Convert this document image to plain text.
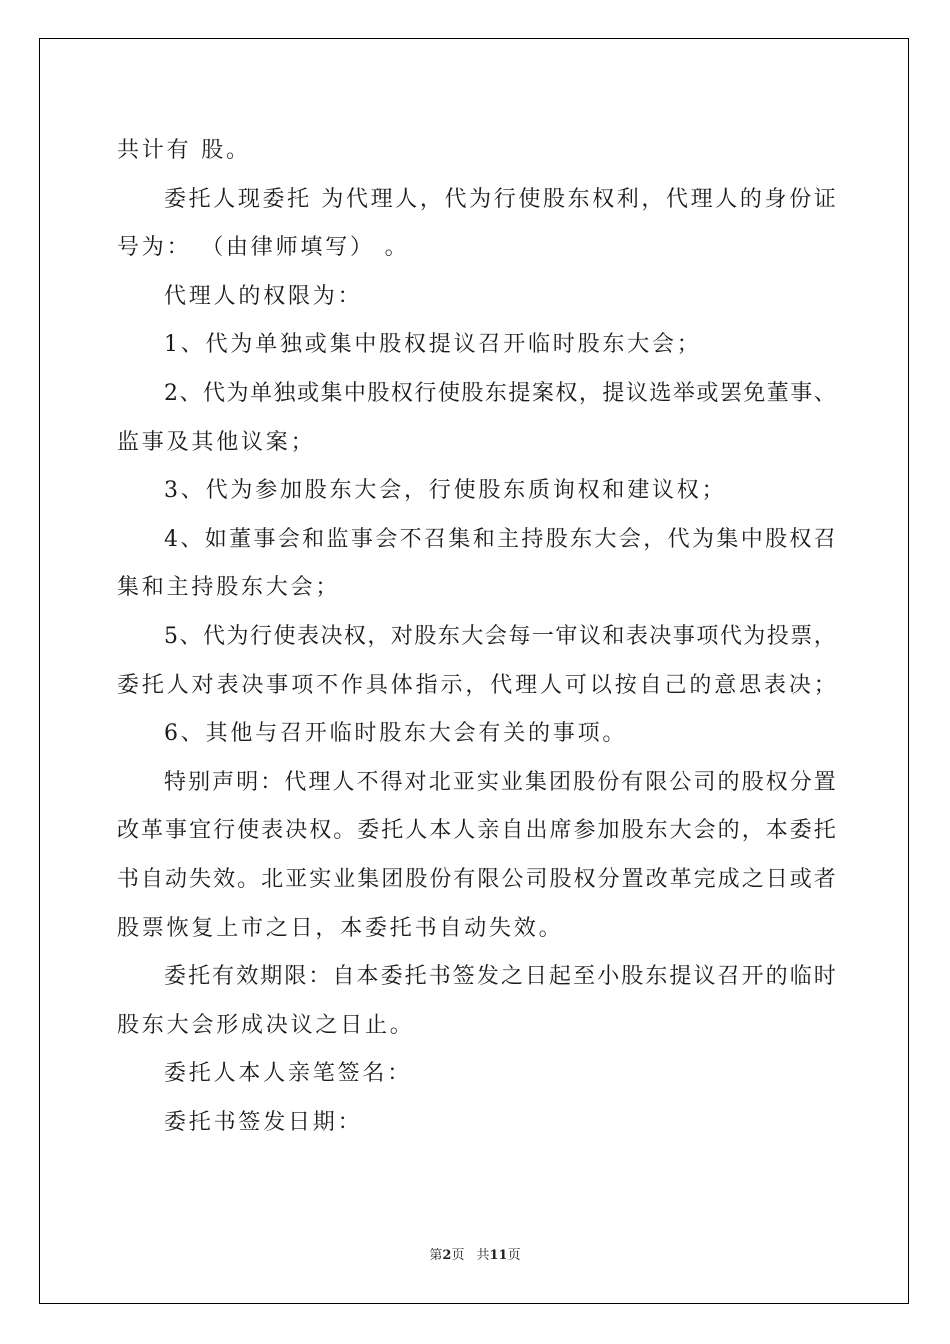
共计有 股。
委托人现委托 为代理人，代为行使股东权利，代理人的身份证
号为： （由律师填写） 。
代理人的权限为：
1、代为单独或集中股权提议召开临时股东大会；
2、代为单独或集中股权行使股东提案权，提议选举或罢免董事、
监事及其他议案；
3、代为参加股东大会，行使股东质询权和建议权；
4、如董事会和监事会不召集和主持股东大会，代为集中股权召
集和主持股东大会；
5、代为行使表决权，对股东大会每一审议和表决事项代为投票，
委托人对表决事项不作具体指示，代理人可以按自己的意思表决；
6、其他与召开临时股东大会有关的事项。
特别声明：代理人不得对北亚实业集团股份有限公司的股权分置
改革事宜行使表决权。委托人本人亲自出席参加股东大会的，本委托
书自动失效。北亚实业集团股份有限公司股权分置改革完成之日或者
股票恢复上市之日，本委托书自动失效。
委托有效期限：自本委托书签发之日起至小股东提议召开的临时
股东大会形成决议之日止。
委托人本人亲笔签名：
委托书签发日期：
第2页 共11页
